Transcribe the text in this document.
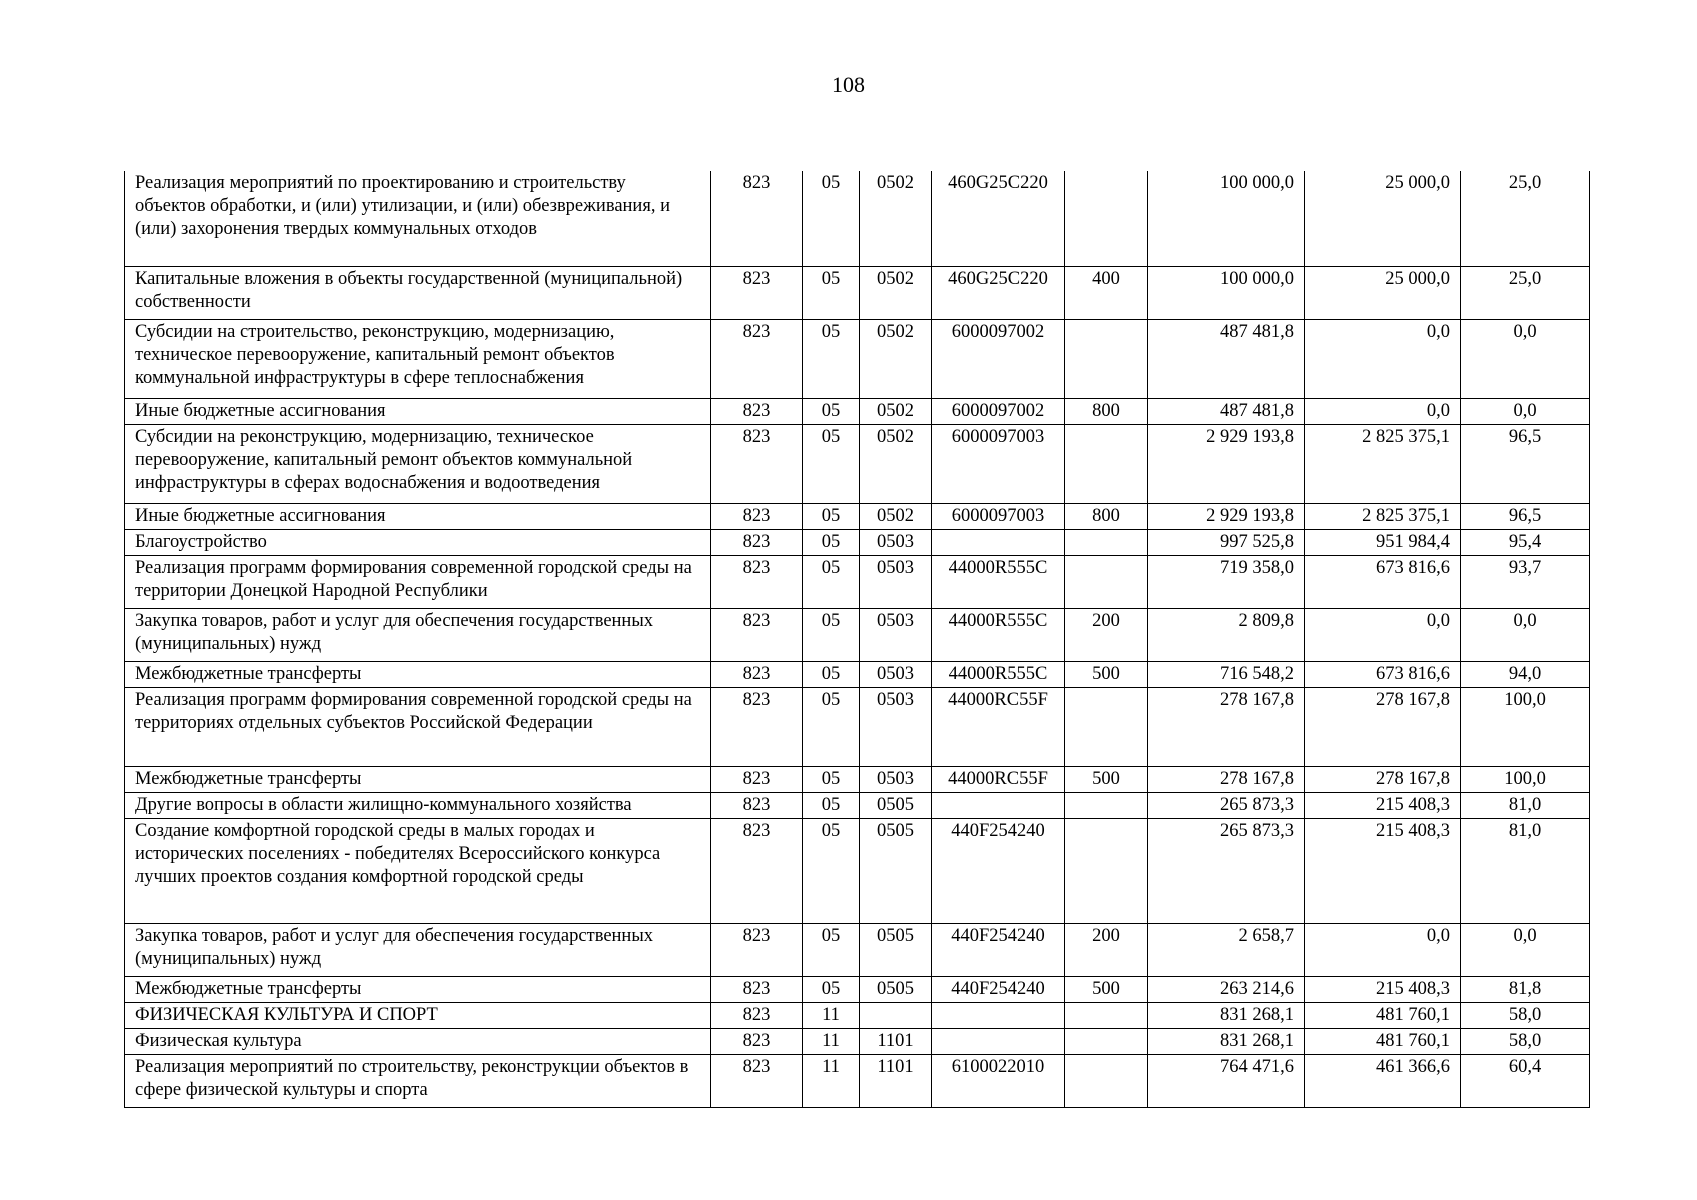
108
Реализация мероприятий по проектированию и строительству объектов обработки, и (или) утилизации, и (или) обезвреживания, и (или) захоронения твердых коммунальных отходов	823	05	0502	460G25C220		100 000,0	25 000,0	25,0
Капитальные вложения в объекты государственной (муниципальной) собственности	823	05	0502	460G25C220	400	100 000,0	25 000,0	25,0
Субсидии на строительство, реконструкцию, модернизацию, техническое перевооружение, капитальный ремонт объектов коммунальной инфраструктуры в сфере теплоснабжения	823	05	0502	6000097002		487 481,8	0,0	0,0
Иные бюджетные ассигнования	823	05	0502	6000097002	800	487 481,8	0,0	0,0
Субсидии на реконструкцию, модернизацию, техническое перевооружение, капитальный ремонт объектов коммунальной инфраструктуры в сферах водоснабжения и водоотведения	823	05	0502	6000097003		2 929 193,8	2 825 375,1	96,5
Иные бюджетные ассигнования	823	05	0502	6000097003	800	2 929 193,8	2 825 375,1	96,5
Благоустройство	823	05	0503			997 525,8	951 984,4	95,4
Реализация программ формирования современной городской среды на территории Донецкой Народной Республики	823	05	0503	44000R555C		719 358,0	673 816,6	93,7
Закупка товаров, работ и услуг для обеспечения государственных (муниципальных) нужд	823	05	0503	44000R555C	200	2 809,8	0,0	0,0
Межбюджетные трансферты	823	05	0503	44000R555C	500	716 548,2	673 816,6	94,0
Реализация программ формирования современной городской среды на территориях отдельных субъектов Российской Федерации	823	05	0503	44000RC55F		278 167,8	278 167,8	100,0
Межбюджетные трансферты	823	05	0503	44000RC55F	500	278 167,8	278 167,8	100,0
Другие вопросы в области жилищно-коммунального хозяйства	823	05	0505			265 873,3	215 408,3	81,0
Создание комфортной городской среды в малых городах и исторических поселениях - победителях Всероссийского конкурса лучших проектов создания комфортной городской среды	823	05	0505	440F254240		265 873,3	215 408,3	81,0
Закупка товаров, работ и услуг для обеспечения государственных (муниципальных) нужд	823	05	0505	440F254240	200	2 658,7	0,0	0,0
Межбюджетные трансферты	823	05	0505	440F254240	500	263 214,6	215 408,3	81,8
ФИЗИЧЕСКАЯ КУЛЬТУРА И СПОРТ	823	11				831 268,1	481 760,1	58,0
Физическая культура	823	11	1101			831 268,1	481 760,1	58,0
Реализация мероприятий по строительству, реконструкции объектов в сфере физической культуры и спорта	823	11	1101	6100022010		764 471,6	461 366,6	60,4
